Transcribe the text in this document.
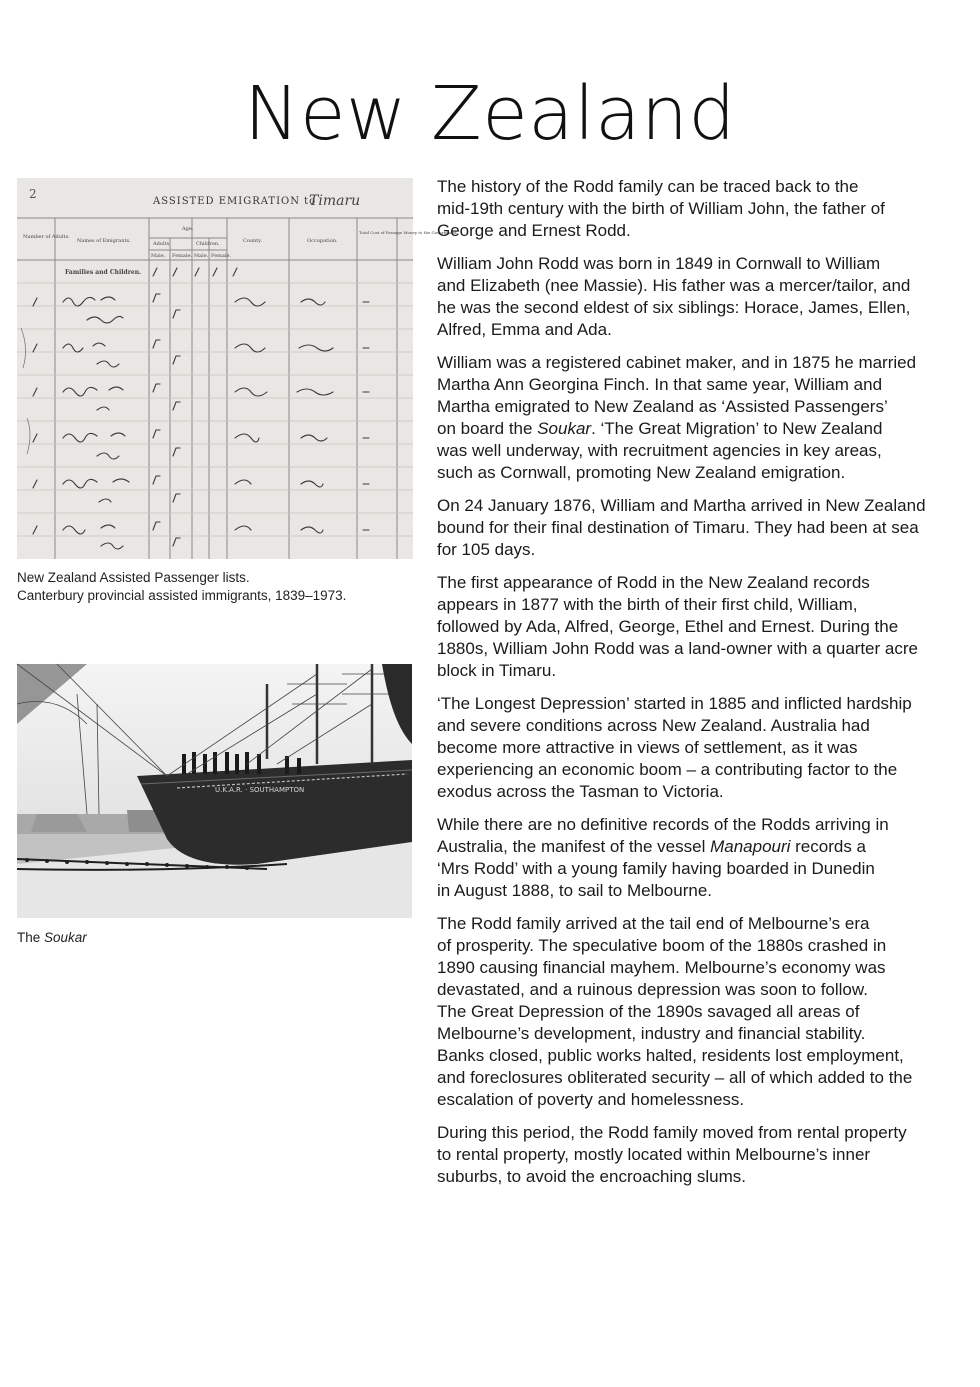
New Zealand
2
ASSISTED EMIGRATION to
Timaru
Number of Adults.
Names of Emigrants.
Age.
Adults.	Children.
Male. Female. Male. Female.
County.	Occupation.
Total Cost of Passage Money to the Government.
Families and Children.
New Zealand Assisted Passenger lists.
Canterbury provincial assisted immigrants, 1839–1973.
U.K.A.R. · SOUTHAMPTON
The Soukar

The history of the Rodd family can be traced back to the
mid-19th century with the birth of William John, the father of
George and Ernest Rodd.

William John Rodd was born in 1849 in Cornwall to William
and Elizabeth (nee Massie). His father was a mercer/tailor, and
he was the second eldest of six siblings: Horace, James, Ellen,
Alfred, Emma and Ada.

William was a registered cabinet maker, and in 1875 he married
Martha Ann Georgina Finch. In that same year, William and
Martha emigrated to New Zealand as ‘Assisted Passengers’
on board the Soukar. ‘The Great Migration’ to New Zealand
was well underway, with recruitment agencies in key areas,
such as Cornwall, promoting New Zealand emigration.

On 24 January 1876, William and Martha arrived in New Zealand
bound for their final destination of Timaru. They had been at sea
for 105 days.

The first appearance of Rodd in the New Zealand records
appears in 1877 with the birth of their first child, William,
followed by Ada, Alfred, George, Ethel and Ernest. During the
1880s, William John Rodd was a land-owner with a quarter acre
block in Timaru.

‘The Longest Depression’ started in 1885 and inflicted hardship
and severe conditions across New Zealand. Australia had
become more attractive in views of settlement, as it was
experiencing an economic boom – a contributing factor to the
exodus across the Tasman to Victoria.

While there are no definitive records of the Rodds arriving in
Australia, the manifest of the vessel Manapouri records a
‘Mrs Rodd’ with a young family having boarded in Dunedin
in August 1888, to sail to Melbourne.

The Rodd family arrived at the tail end of Melbourne’s era
of prosperity. The speculative boom of the 1880s crashed in
1890 causing financial mayhem. Melbourne’s economy was
devastated, and a ruinous depression was soon to follow.
The Great Depression of the 1890s savaged all areas of
Melbourne’s development, industry and financial stability.
Banks closed, public works halted, residents lost employment,
and foreclosures obliterated security – all of which added to the
escalation of poverty and homelessness.

During this period, the Rodd family moved from rental property
to rental property, mostly located within Melbourne’s inner
suburbs, to avoid the encroaching slums.
